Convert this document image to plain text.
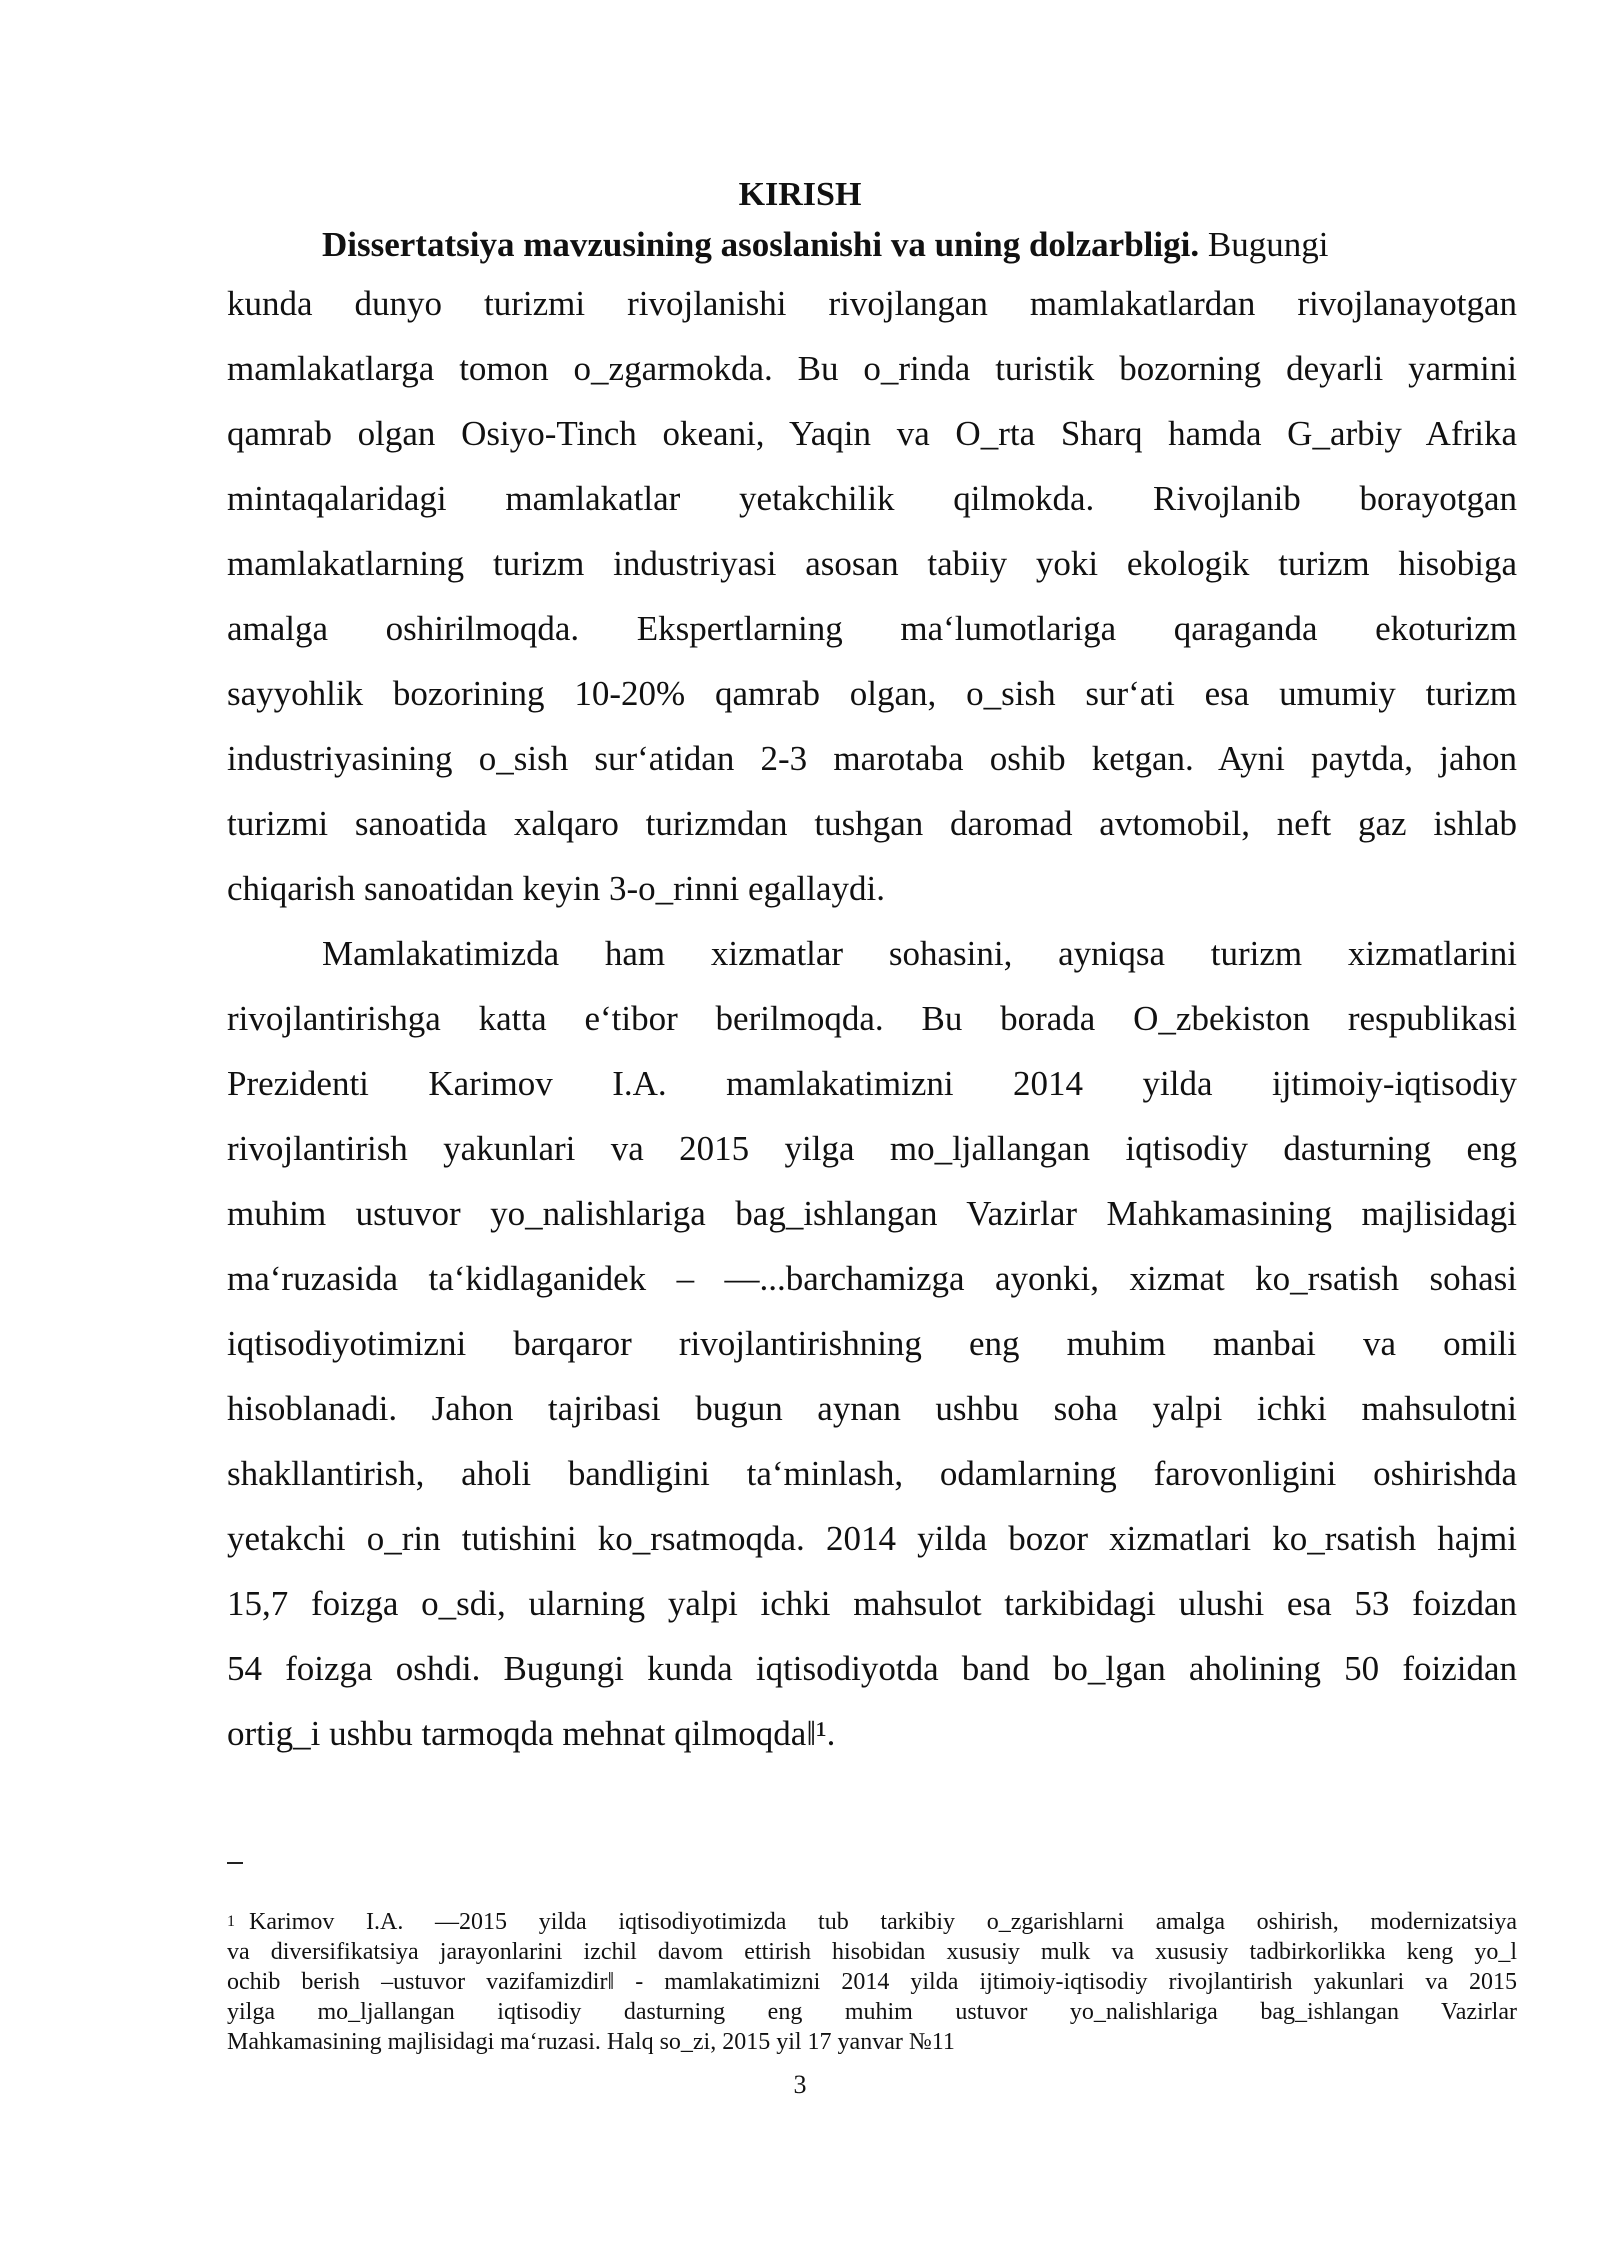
KIRISH
Dissertatsiya mavzusining asoslanishi va uning dolzarbligi. Bugungi
kunda dunyo turizmi rivojlanishi rivojlangan mamlakatlardan rivojlanayotgan
mamlakatlarga tomon o_zgarmokda. Bu o_rinda turistik bozorning deyarli yarmini
qamrab olgan Osiyo-Tinch okeani, Yaqin va O_rta Sharq hamda G_arbiy Afrika
mintaqalaridagi mamlakatlar yetakchilik qilmokda. Rivojlanib borayotgan
mamlakatlarning turizm industriyasi asosan tabiiy yoki ekologik turizm hisobiga
amalga oshirilmoqda. Ekspertlarning ma‘lumotlariga qaraganda ekoturizm
sayyohlik bozorining 10-20% qamrab olgan, o_sish sur‘ati esa umumiy turizm
industriyasining o_sish sur‘atidan 2-3 marotaba oshib ketgan. Ayni paytda, jahon
turizmi sanoatida xalqaro turizmdan tushgan daromad avtomobil, neft gaz ishlab
chiqarish sanoatidan keyin 3-o_rinni egallaydi.
Mamlakatimizda ham xizmatlar sohasini, ayniqsa turizm xizmatlarini
rivojlantirishga katta e‘tibor berilmoqda. Bu borada O_zbekiston respublikasi
Prezidenti Karimov I.A. mamlakatimizni 2014 yilda ijtimoiy-iqtisodiy
rivojlantirish yakunlari va 2015 yilga mo_ljallangan iqtisodiy dasturning eng
muhim ustuvor yo_nalishlariga bag_ishlangan Vazirlar Mahkamasining majlisidagi
ma‘ruzasida ta‘kidlaganidek – ―...barchamizga ayonki, xizmat ko_rsatish sohasi
iqtisodiyotimizni barqaror rivojlantirishning eng muhim manbai va omili
hisoblanadi. Jahon tajribasi bugun aynan ushbu soha yalpi ichki mahsulotni
shakllantirish, aholi bandligini ta‘minlash, odamlarning farovonligini oshirishda
yetakchi o_rin tutishini ko_rsatmoqda. 2014 yilda bozor xizmatlari ko_rsatish hajmi
15,7 foizga o_sdi, ularning yalpi ichki mahsulot tarkibidagi ulushi esa 53 foizdan
54 foizga oshdi. Bugungi kunda iqtisodiyotda band bo_lgan aholining 50 foizidan
ortig_i ushbu tarmoqda mehnat qilmoqda‖¹.
$^1$ Karimov I.A. ―2015 yilda iqtisodiyotimizda tub tarkibiy o_zgarishlarni amalga oshirish, modernizatsiya
va diversifikatsiya jarayonlarini izchil davom ettirish hisobidan xususiy mulk va xususiy tadbirkorlikka keng yo_l
ochib berish –ustuvor vazifamizdir‖ - mamlakatimizni 2014 yilda ijtimoiy-iqtisodiy rivojlantirish yakunlari va 2015
yilga mo_ljallangan iqtisodiy dasturning eng muhim ustuvor yo_nalishlariga bag_ishlangan Vazirlar
Mahkamasining majlisidagi ma‘ruzasi. Halq so_zi, 2015 yil 17 yanvar №11
3
